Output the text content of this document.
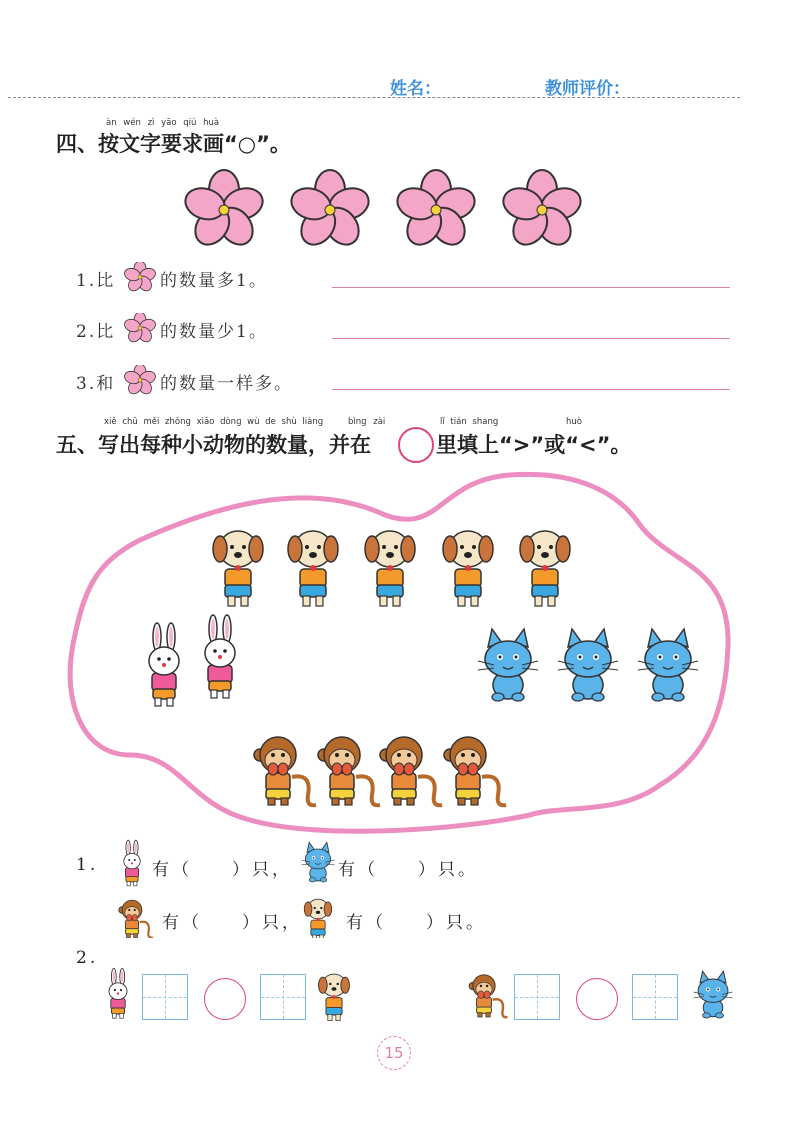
姓名：	教师评价：
àn wén zì yāo qiú huà
四、按文字要求画“○”。
1.比	的数量多1。
2.比	的数量少1。
3.和	的数量一样多。
xiě chū měi zhǒng xiǎo dòng wù de shù liàng	bìng zài	lǐ tián shang	huò
五、写出每种小动物的数量，并在	里填上“>”或“<”。
1.	有（　　）只，	有（　　）只。
有（　　）只，	有（　　）只。
2.
15
